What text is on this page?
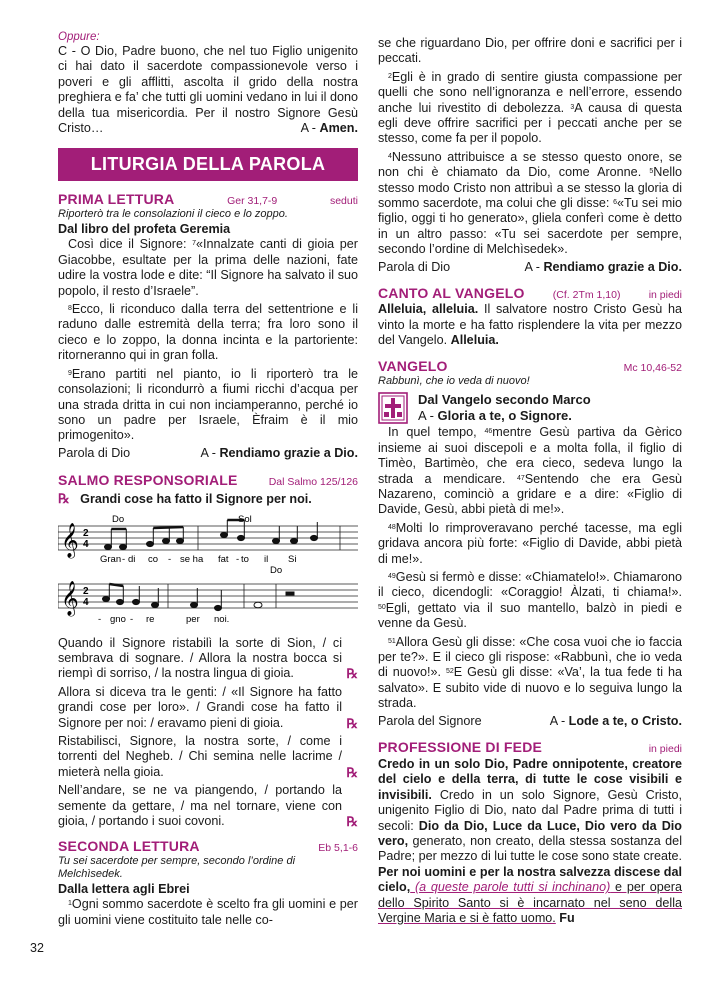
Oppure:

C - O Dio, Padre buono, che nel tuo Figlio unigenito ci hai dato il sacerdote compassionevole verso i poveri e gli afflitti, ascolta il grido della nostra preghiera e fa’ che tutti gli uomini vedano in lui il dono della tua misericordia. Per il nostro Signore Gesù Cristo…	A - Amen.

LITURGIA DELLA PAROLA
PRIMA LETTURA	Ger 31,7-9	seduti

Riporterò tra le consolazioni il cieco e lo zoppo.

Dal libro del profeta Geremia

Così dice il Signore: $^7$«Innalzate canti di gioia per Giacobbe, esultate per la prima delle nazioni, fate udire la vostra lode e dite: “Il Signore ha salvato il suo popolo, il resto d’Israele”.

$^8$Ecco, li riconduco dalla terra del settentrione e li raduno dalle estremità della terra; fra loro sono il cieco e lo zoppo, la donna incinta e la partoriente: ritorneranno qui in gran folla.

$^9$Erano partiti nel pianto, io li riporterò tra le consolazioni; li ricondurrò a fiumi ricchi d’acqua per una strada dritta in cui non inciamperanno, perché io sono un padre per Israele, Èfraim è il mio primogenito».

Parola di Dio	A - Rendiamo grazie a Dio.
SALMO RESPONSORIALE	Dal Salmo 125/126

℞ Grandi cose ha fatto il Signore per noi.

𝄞
𝄞
2
4
2
4
Do	Sol
Do
Gran - di co - se ha fat - to il Si
- gno - re	per noi.

Quando il Signore ristabilì la sorte di Sion, / ci sembrava di sognare. / Allora la nostra bocca si riempì di sorriso, / la nostra lingua di gioia.	℞

Allora si diceva tra le genti: / «Il Signore ha fatto grandi cose per loro». / Grandi cose ha fatto il Signore per noi: / eravamo pieni di gioia.	℞

Ristabilisci, Signore, la nostra sorte, / come i torrenti del Negheb. / Chi semina nelle lacrime / mieterà nella gioia.	℞

Nell’andare, se ne va piangendo, / portando la semente da gettare, / ma nel tornare, viene con gioia, / portando i suoi covoni.	℞

SECONDA LETTURA	Eb 5,1-6

Tu sei sacerdote per sempre, secondo l’ordine di Melchìsedek.

Dalla lettera agli Ebrei

$^1$Ogni sommo sacerdote è scelto fra gli uomini e per gli uomini viene costituito tale nelle co-

32

se che riguardano Dio, per offrire doni e sacrifici per i peccati.

$^2$Egli è in grado di sentire giusta compassione per quelli che sono nell’ignoranza e nell’errore, essendo anche lui rivestito di debolezza. $^3$A causa di questa egli deve offrire sacrifici per i peccati anche per se stesso, come fa per il popolo.

$^4$Nessuno attribuisce a se stesso questo onore, se non chi è chiamato da Dio, come Aronne. $^5$Nello stesso modo Cristo non attribuì a se stesso la gloria di sommo sacerdote, ma colui che gli disse: $^6$«Tu sei mio figlio, oggi ti ho generato», gliela conferì come è detto in un altro passo: «Tu sei sacerdote per sempre, secondo l’ordine di Melchìsedek».

Parola di Dio	A - Rendiamo grazie a Dio.
CANTO AL VANGELO	(Cf. 2Tm 1,10)	in piedi

Alleluia, alleluia. Il salvatore nostro Cristo Gesù ha vinto la morte e ha fatto risplendere la vita per mezzo del Vangelo. Alleluia.

VANGELO	Mc 10,46-52

Rabbunì, che io veda di nuovo!

Dal Vangelo secondo Marco

A - Gloria a te, o Signore.

In quel tempo, $^{46}$mentre Gesù partiva da Gèrico insieme ai suoi discepoli e a molta folla, il figlio di Timèo, Bartimèo, che era cieco, sedeva lungo la strada a mendicare. $^{47}$Sentendo che era Gesù Nazareno, cominciò a gridare e a dire: «Figlio di Davide, Gesù, abbi pietà di me!».

$^{48}$Molti lo rimproveravano perché tacesse, ma egli gridava ancora più forte: «Figlio di Davide, abbi pietà di me!».

$^{49}$Gesù si fermò e disse: «Chiamatelo!». Chiamarono il cieco, dicendogli: «Coraggio! Àlzati, ti chiama!». $^{50}$Egli, gettato via il suo mantello, balzò in piedi e venne da Gesù.

$^{51}$Allora Gesù gli disse: «Che cosa vuoi che io faccia per te?». E il cieco gli rispose: «Rabbunì, che io veda di nuovo!». $^{52}$E Gesù gli disse: «Va’, la tua fede ti ha salvato». E subito vide di nuovo e lo seguiva lungo la strada.

Parola del Signore	A - Lode a te, o Cristo.
PROFESSIONE DI FEDE	in piedi

Credo in un solo Dio, Padre onnipotente, creatore del cielo e della terra, di tutte le cose visibili e invisibili. Credo in un solo Signore, Gesù Cristo, unigenito Figlio di Dio, nato dal Padre prima di tutti i secoli: Dio da Dio, Luce da Luce, Dio vero da Dio vero, generato, non creato, della stessa sostanza del Padre; per mezzo di lui tutte le cose sono state create. Per noi uomini e per la nostra salvezza discese dal cielo, (a queste parole tutti si inchinano) e per opera dello Spirito Santo si è incarnato nel seno della Vergine Maria e si è fatto uomo. Fu
